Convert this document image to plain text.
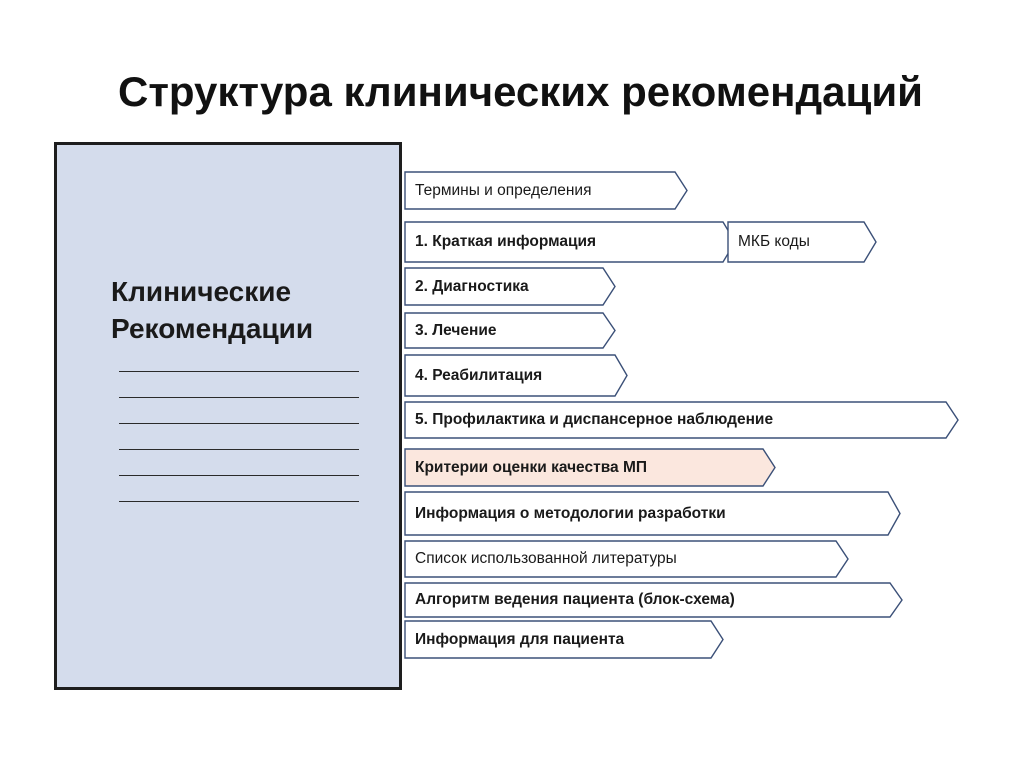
Структура клинических рекомендаций
Клинические
Рекомендации
Термины и определения
1. Краткая информация
2. Диагностика
3. Лечение
4. Реабилитация
5. Профилактика и диспансерное наблюдение
Критерии оценки качества МП
Информация о методологии разработки
Список использованной литературы
Алгоритм ведения пациента (блок-схема)
Информация для пациента
МКБ коды
